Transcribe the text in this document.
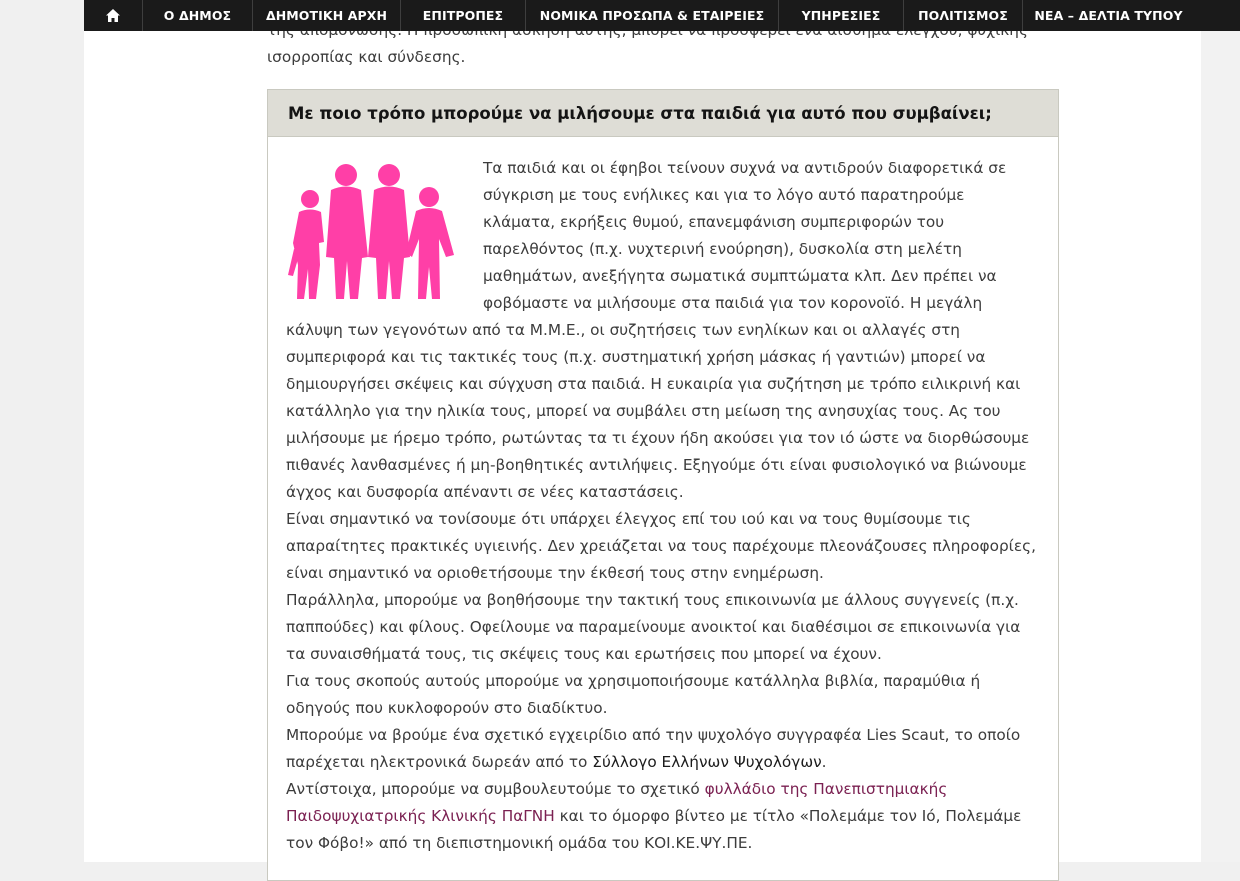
Ο ΔΗΜΟΣ	ΔΗΜΟΤΙΚΗ ΑΡΧΗ	ΕΠΙΤΡΟΠΕΣ	ΝΟΜΙΚΑ ΠΡΟΣΩΠΑ & ΕΤΑΙΡΕΙΕΣ	ΥΠΗΡΕΣΙΕΣ	ΠΟΛΙΤΙΣΜΟΣ	ΝΕΑ – ΔΕΛΤΙΑ ΤΥΠΟΥ
ισορροπίας και σύνδεσης.
Με ποιο τρόπο μπορούμε να μιλήσουμε στα παιδιά για αυτό που συμβαίνει;

Τα παιδιά και οι έφηβοι τείνουν συχνά να αντιδρούν διαφορετικά σε σύγκριση με τους ενήλικες και για το λόγο αυτό παρατηρούμε κλάματα, εκρήξεις θυμού, επανεμφάνιση συμπεριφορών του παρελθόντος (π.χ. νυχτερινή ενούρηση), δυσκολία στη μελέτη μαθημάτων, ανεξήγητα σωματικά συμπτώματα κλπ. Δεν πρέπει να φοβόμαστε να μιλήσουμε στα παιδιά για τον κορονοϊό. Η μεγάλη κάλυψη των γεγονότων από τα Μ.Μ.Ε., οι συζητήσεις των ενηλίκων και οι αλλαγές στη συμπεριφορά και τις τακτικές τους (π.χ. συστηματική χρήση μάσκας ή γαντιών) μπορεί να δημιουργήσει σκέψεις και σύγχυση στα παιδιά. Η ευκαιρία για συζήτηση με τρόπο ειλικρινή και κατάλληλο για την ηλικία τους, μπορεί να συμβάλει στη μείωση της ανησυχίας τους. Ας του μιλήσουμε με ήρεμο τρόπο, ρωτώντας τα τι έχουν ήδη ακούσει για τον ιό ώστε να διορθώσουμε πιθανές λανθασμένες ή μη-βοηθητικές αντιλήψεις. Εξηγούμε ότι είναι φυσιολογικό να βιώνουμε άγχος και δυσφορία απέναντι σε νέες καταστάσεις.

Είναι σημαντικό να τονίσουμε ότι υπάρχει έλεγχος επί του ιού και να τους θυμίσουμε τις απαραίτητες πρακτικές υγιεινής. Δεν χρειάζεται να τους παρέχουμε πλεονάζουσες πληροφορίες, είναι σημαντικό να οριοθετήσουμε την έκθεσή τους στην ενημέρωση.

Παράλληλα, μπορούμε να βοηθήσουμε την τακτική τους επικοινωνία με άλλους συγγενείς (π.χ. παππούδες) και φίλους. Οφείλουμε να παραμείνουμε ανοικτοί και διαθέσιμοι σε επικοινωνία για τα συναισθήματά τους, τις σκέψεις τους και ερωτήσεις που μπορεί να έχουν.

Για τους σκοπούς αυτούς μπορούμε να χρησιμοποιήσουμε κατάλληλα βιβλία, παραμύθια ή οδηγούς που κυκλοφορούν στο διαδίκτυο.

Μπορούμε να βρούμε ένα σχετικό εγχειρίδιο από την ψυχολόγο συγγραφέα Lies Scaut, το οποίο παρέχεται ηλεκτρονικά δωρεάν από το Σύλλογο Ελλήνων Ψυχολόγων.

Αντίστοιχα, μπορούμε να συμβουλευτούμε το σχετικό φυλλάδιο της Πανεπιστημιακής Παιδοψυχιατρικής Κλινικής ΠαΓΝΗ και το όμορφο βίντεο με τίτλο «Πολεμάμε τον Ιό, Πολεμάμε τον Φόβο!» από τη διεπιστημονική ομάδα του ΚΟΙ.ΚΕ.ΨΥ.ΠΕ.
